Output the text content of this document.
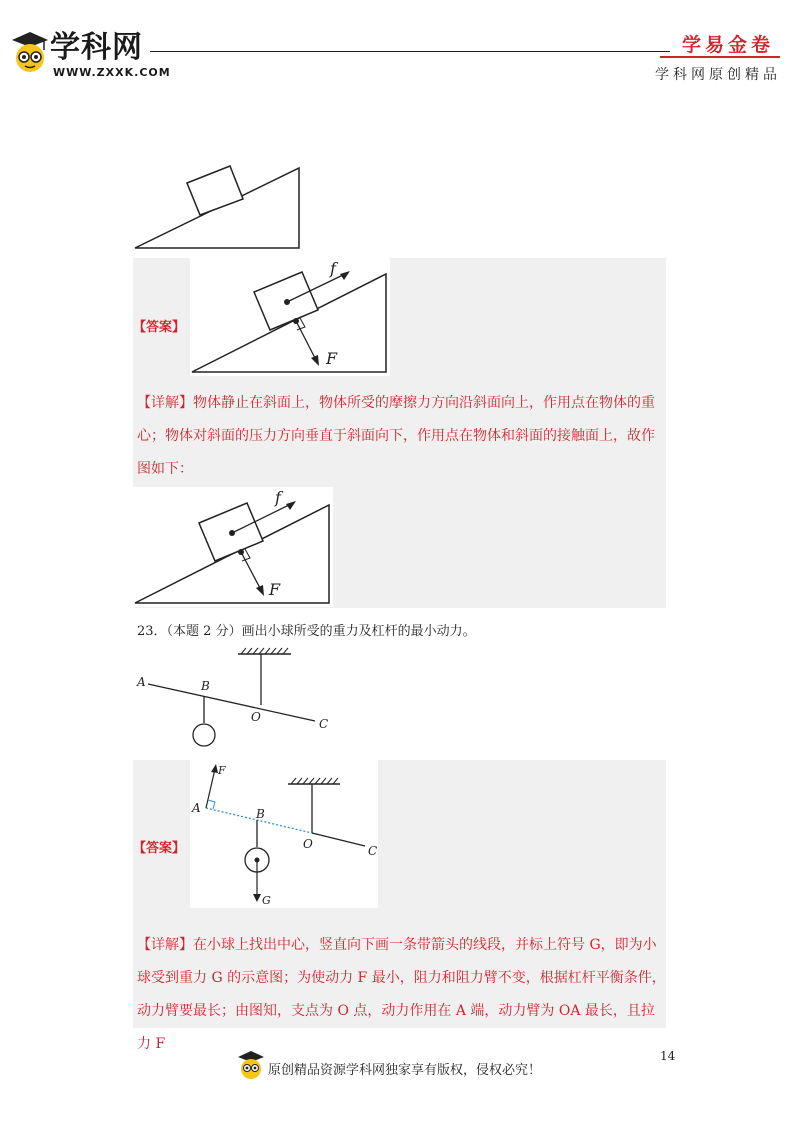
学科网
WWW.ZXXK.COM
学易金卷
学科网原创精品
【答案】
f
F
【详解】物体静止在斜面上，物体所受的摩擦力方向沿斜面向上，作用点在物体的重
心；物体对斜面的压力方向垂直于斜面向下，作用点在物体和斜面的接触面上，故作
图如下：
f
F
23．（本题 2 分）画出小球所受的重力及杠杆的最小动力。
A	B
O	C
【答案】
F
A	B
O	C
G
【详解】在小球上找出中心，竖直向下画一条带箭头的线段，并标上符号 G，即为小
球受到重力 G 的示意图；为使动力 F 最小，阻力和阻力臂不变，根据杠杆平衡条件，
动力臂要最长；由图知，支点为 O 点，动力作用在 A 端，动力臂为 OA 最长，且拉力 F
原创精品资源学科网独家享有版权，侵权必究！
14
